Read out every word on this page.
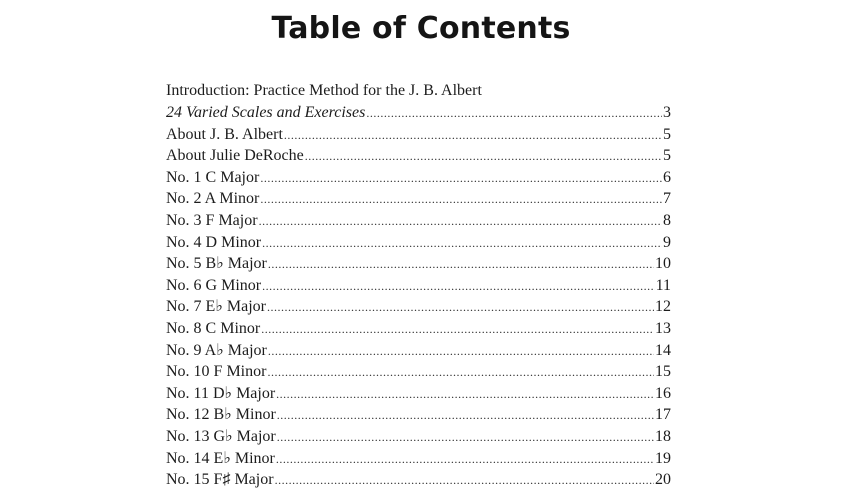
Table of Contents
Introduction: Practice Method for the J. B. Albert
24 Varied Scales and Exercises .....	3
About J. B. Albert .....	5
About Julie DeRoche .....	5
No. 1 C Major .....	6
No. 2 A Minor .....	7
No. 3 F Major .....	8
No. 4 D Minor .....	9
No. 5 B♭ Major .....	10
No. 6 G Minor .....	11
No. 7 E♭ Major .....	12
No. 8 C Minor .....	13
No. 9 A♭ Major .....	14
No. 10 F Minor .....	15
No. 11 D♭ Major .....	16
No. 12 B♭ Minor .....	17
No. 13 G♭ Major .....	18
No. 14 E♭ Minor .....	19
No. 15 F♯ Major .....	20
